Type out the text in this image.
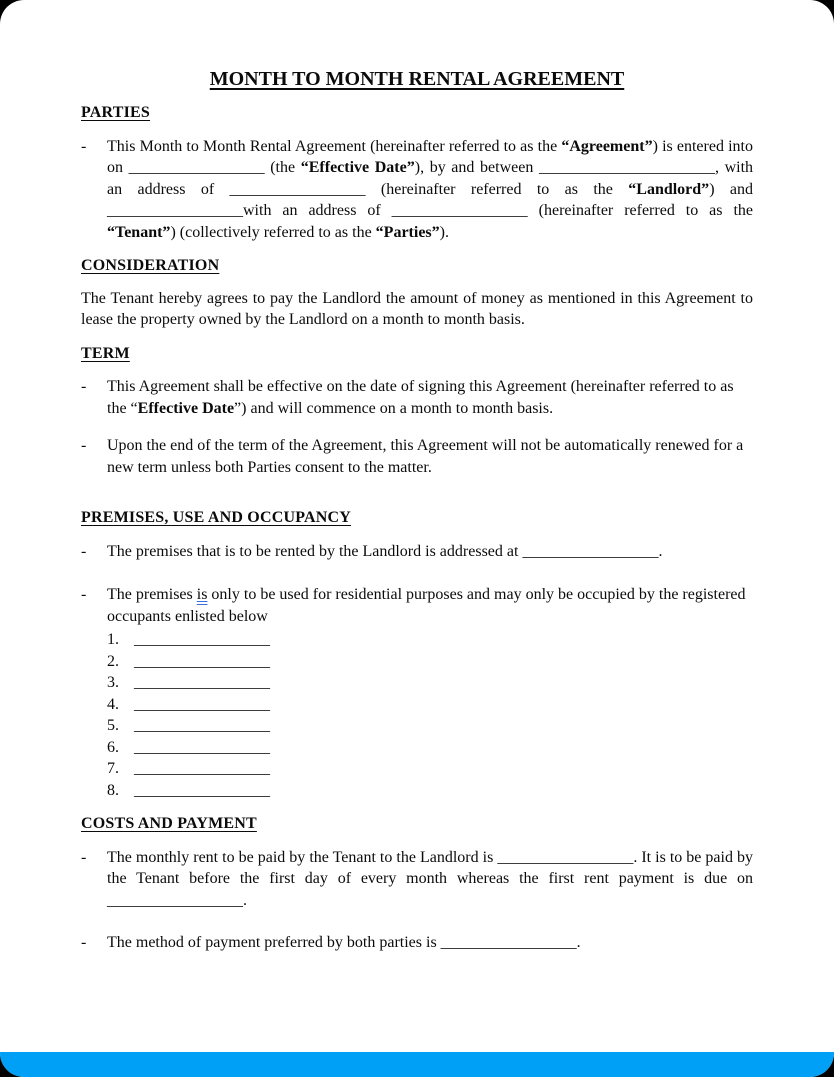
MONTH TO MONTH RENTAL AGREEMENT
PARTIES
-	This Month to Month Rental Agreement (hereinafter referred to as the “Agreement”) is entered into on _________________ (the “Effective Date”), by and between ______________________, with an address of _________________ (hereinafter referred to as the “Landlord”) and _________________with an address of _________________ (hereinafter referred to as the “Tenant”) (collectively referred to as the “Parties”).
CONSIDERATION
The Tenant hereby agrees to pay the Landlord the amount of money as mentioned in this Agreement to lease the property owned by the Landlord on a month to month basis.
TERM
-	This Agreement shall be effective on the date of signing this Agreement (hereinafter referred to as the “Effective Date”) and will commence on a month to month basis.
-	Upon the end of the term of the Agreement, this Agreement will not be automatically renewed for a new term unless both Parties consent to the matter.
PREMISES, USE AND OCCUPANCY
-	The premises that is to be rented by the Landlord is addressed at _________________.
-	The premises is only to be used for residential purposes and may only be occupied by the registered occupants enlisted below
1. _________________
2. _________________
3. _________________
4. _________________
5. _________________
6. _________________
7. _________________
8. _________________
COSTS AND PAYMENT
-	The monthly rent to be paid by the Tenant to the Landlord is _________________. It is to be paid by the Tenant before the first day of every month whereas the first rent payment is due on _________________.
-	The method of payment preferred by both parties is _________________.
